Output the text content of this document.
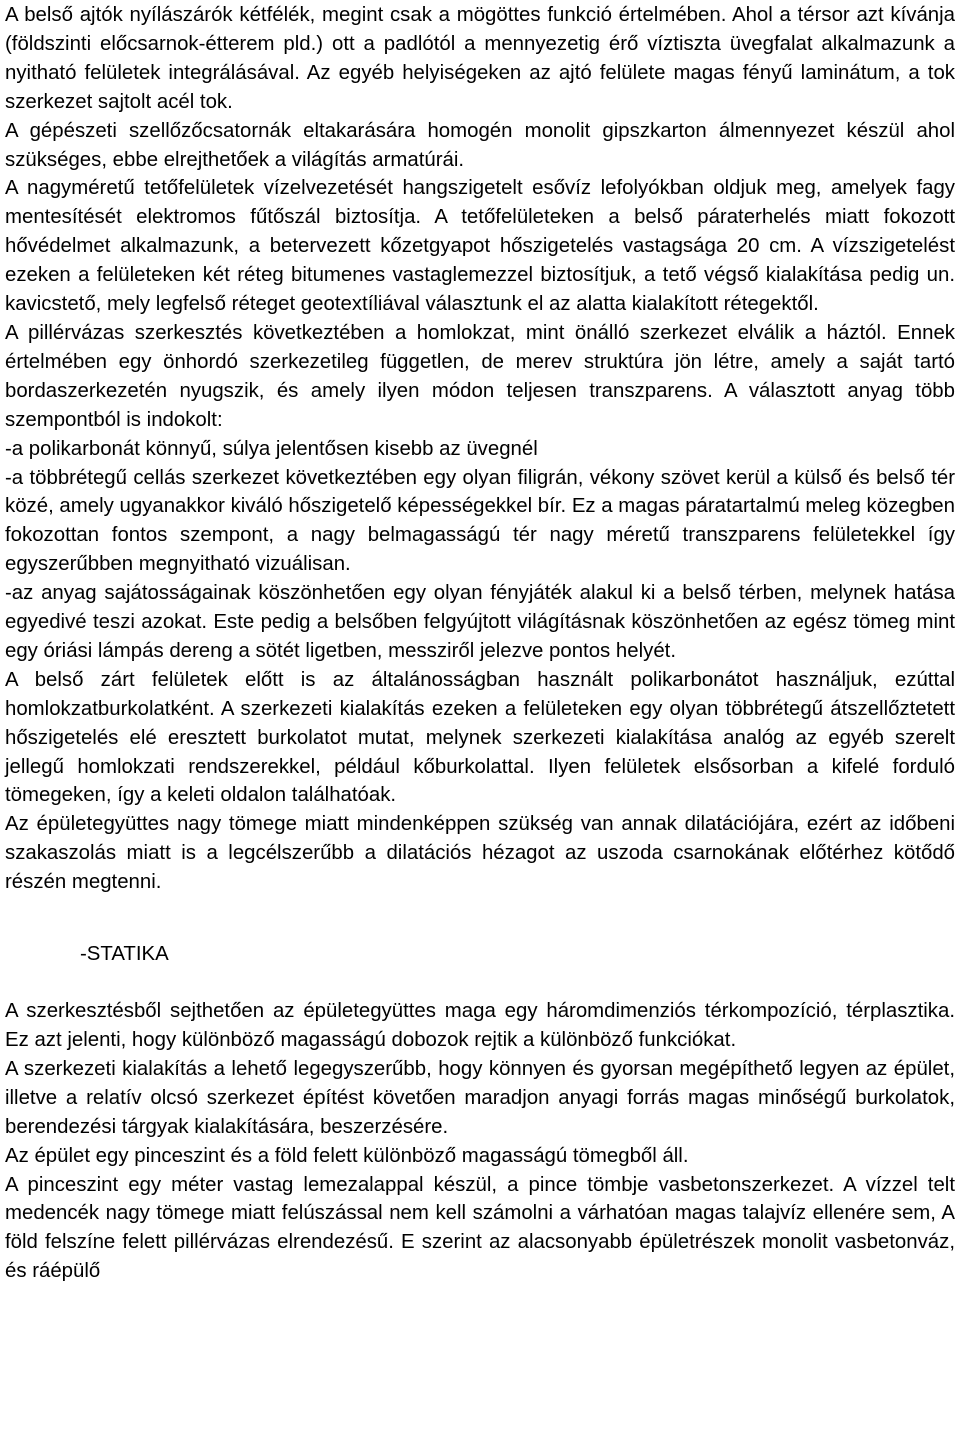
A belső ajtók nyílászárók kétfélék, megint csak a mögöttes funkció értelmében. Ahol a térsor azt kívánja (földszinti előcsarnok-étterem pld.) ott a padlótól a mennyezetig érő víztiszta üvegfalat alkalmazunk a nyitható felületek integrálásával. Az egyéb helyiségeken az ajtó felülete magas fényű laminátum, a tok szerkezet sajtolt acél tok.

A gépészeti szellőzőcsatornák eltakarására homogén monolit gipszkarton álmennyezet készül ahol szükséges, ebbe elrejthetőek a világítás armatúrái.

A nagyméretű tetőfelületek vízelvezetését hangszigetelt esővíz lefolyókban oldjuk meg, amelyek fagy mentesítését elektromos fűtőszál biztosítja. A tetőfelületeken a belső páraterhelés miatt fokozott hővédelmet alkalmazunk, a betervezett kőzetgyapot hőszigetelés vastagsága 20 cm. A vízszigetelést ezeken a felületeken két réteg bitumenes vastaglemezzel biztosítjuk, a tető végső kialakítása pedig un. kavicstető, mely legfelső réteget geotextíliával választunk el az alatta kialakított rétegektől.

A pillérvázas szerkesztés következtében a homlokzat, mint önálló szerkezet elválik a háztól. Ennek értelmében egy önhordó szerkezetileg független, de merev struktúra jön létre, amely a saját tartó bordaszerkezetén nyugszik, és amely ilyen módon teljesen transzparens. A választott anyag több szempontból is indokolt:

-a polikarbonát könnyű, súlya jelentősen kisebb az üvegnél

-a többrétegű cellás szerkezet következtében egy olyan filigrán, vékony szövet kerül a külső és belső tér közé, amely ugyanakkor kiváló hőszigetelő képességekkel bír. Ez a magas páratartalmú meleg közegben fokozottan fontos szempont, a nagy belmagasságú tér nagy méretű transzparens felületekkel így egyszerűbben megnyitható vizuálisan.

-az anyag sajátosságainak köszönhetően egy olyan fényjáték alakul ki a belső térben, melynek hatása egyedivé teszi azokat. Este pedig a belsőben felgyújtott világításnak köszönhetően az egész tömeg mint egy óriási lámpás dereng a sötét ligetben, messziről jelezve pontos helyét.

A belső zárt felületek előtt is az általánosságban használt polikarbonátot használjuk, ezúttal homlokzatburkolatként. A szerkezeti kialakítás ezeken a felületeken egy olyan többrétegű átszellőztetett hőszigetelés elé eresztett burkolatot mutat, melynek szerkezeti kialakítása analóg az egyéb szerelt jellegű homlokzati rendszerekkel, például kőburkolattal. Ilyen felületek elsősorban a kifelé forduló tömegeken, így a keleti oldalon találhatóak.

Az épületegyüttes nagy tömege miatt mindenképpen szükség van annak dilatációjára, ezért az időbeni szakaszolás miatt is a legcélszerűbb a dilatációs hézagot az uszoda csarnokának előtérhez kötődő részén megtenni.

-STATIKA

A szerkesztésből sejthetően az épületegyüttes maga egy háromdimenziós térkompozíció, térplasztika. Ez azt jelenti, hogy különböző magasságú dobozok rejtik a különböző funkciókat.

A szerkezeti kialakítás a lehető legegyszerűbb, hogy könnyen és gyorsan megépíthető legyen az épület, illetve a relatív olcsó szerkezet építést követően maradjon anyagi forrás magas minőségű burkolatok, berendezési tárgyak kialakítására, beszerzésére.

Az épület egy pinceszint és a föld felett különböző magasságú tömegből áll.

A pinceszint egy méter vastag lemezalappal készül, a pince tömbje vasbetonszerkezet. A vízzel telt medencék nagy tömege miatt felúszással nem kell számolni a várhatóan magas talajvíz ellenére sem, A föld felszíne felett pillérvázas elrendezésű. E szerint az alacsonyabb épületrészek monolit vasbetonváz, és ráépülő
